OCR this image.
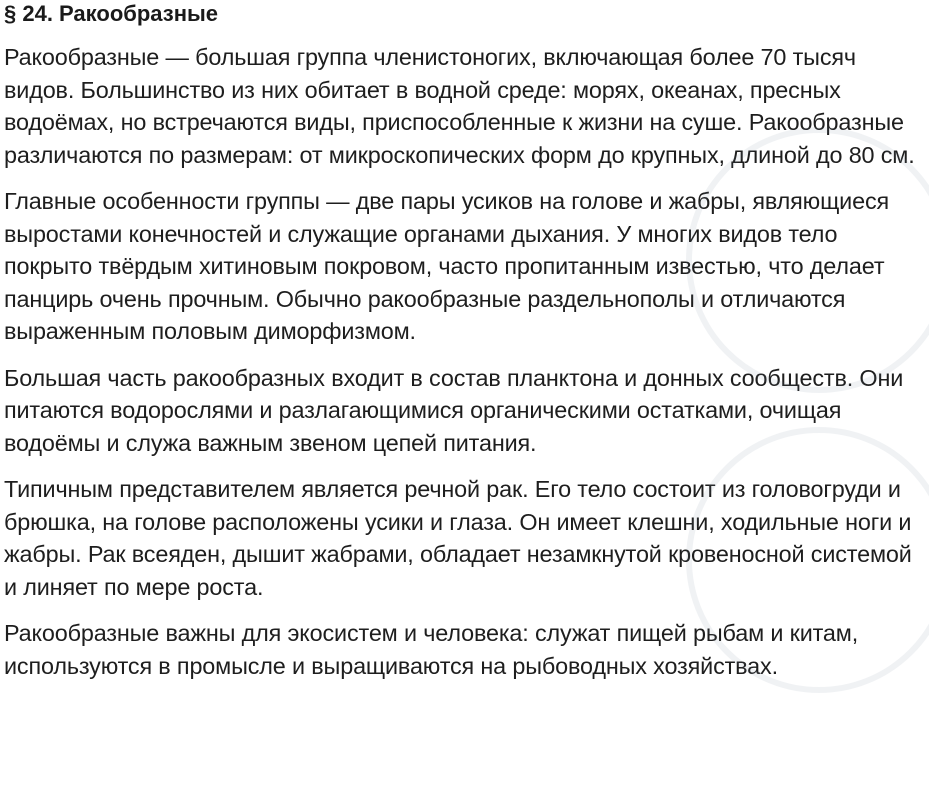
§ 24. Ракообразные

Ракообразные — большая группа членистоногих, включающая более 70 тысяч видов. Большинство из них обитает в водной среде: морях, океанах, пресных водоёмах, но встречаются виды, приспособленные к жизни на суше. Ракообразные различаются по размерам: от микроскопических форм до крупных, длиной до 80 см.

Главные особенности группы — две пары усиков на голове и жабры, являющиеся выростами конечностей и служащие органами дыхания. У многих видов тело покрыто твёрдым хитиновым покровом, часто пропитанным известью, что делает панцирь очень прочным. Обычно ракообразные раздельнополы и отличаются выраженным половым диморфизмом.

Большая часть ракообразных входит в состав планктона и донных сообществ. Они питаются водорослями и разлагающимися органическими остатками, очищая водоёмы и служа важным звеном цепей питания.

Типичным представителем является речной рак. Его тело состоит из головогруди и брюшка, на голове расположены усики и глаза. Он имеет клешни, ходильные ноги и жабры. Рак всеяден, дышит жабрами, обладает незамкнутой кровеносной системой и линяет по мере роста.

Ракообразные важны для экосистем и человека: служат пищей рыбам и китам, используются в промысле и выращиваются на рыбоводных хозяйствах.
